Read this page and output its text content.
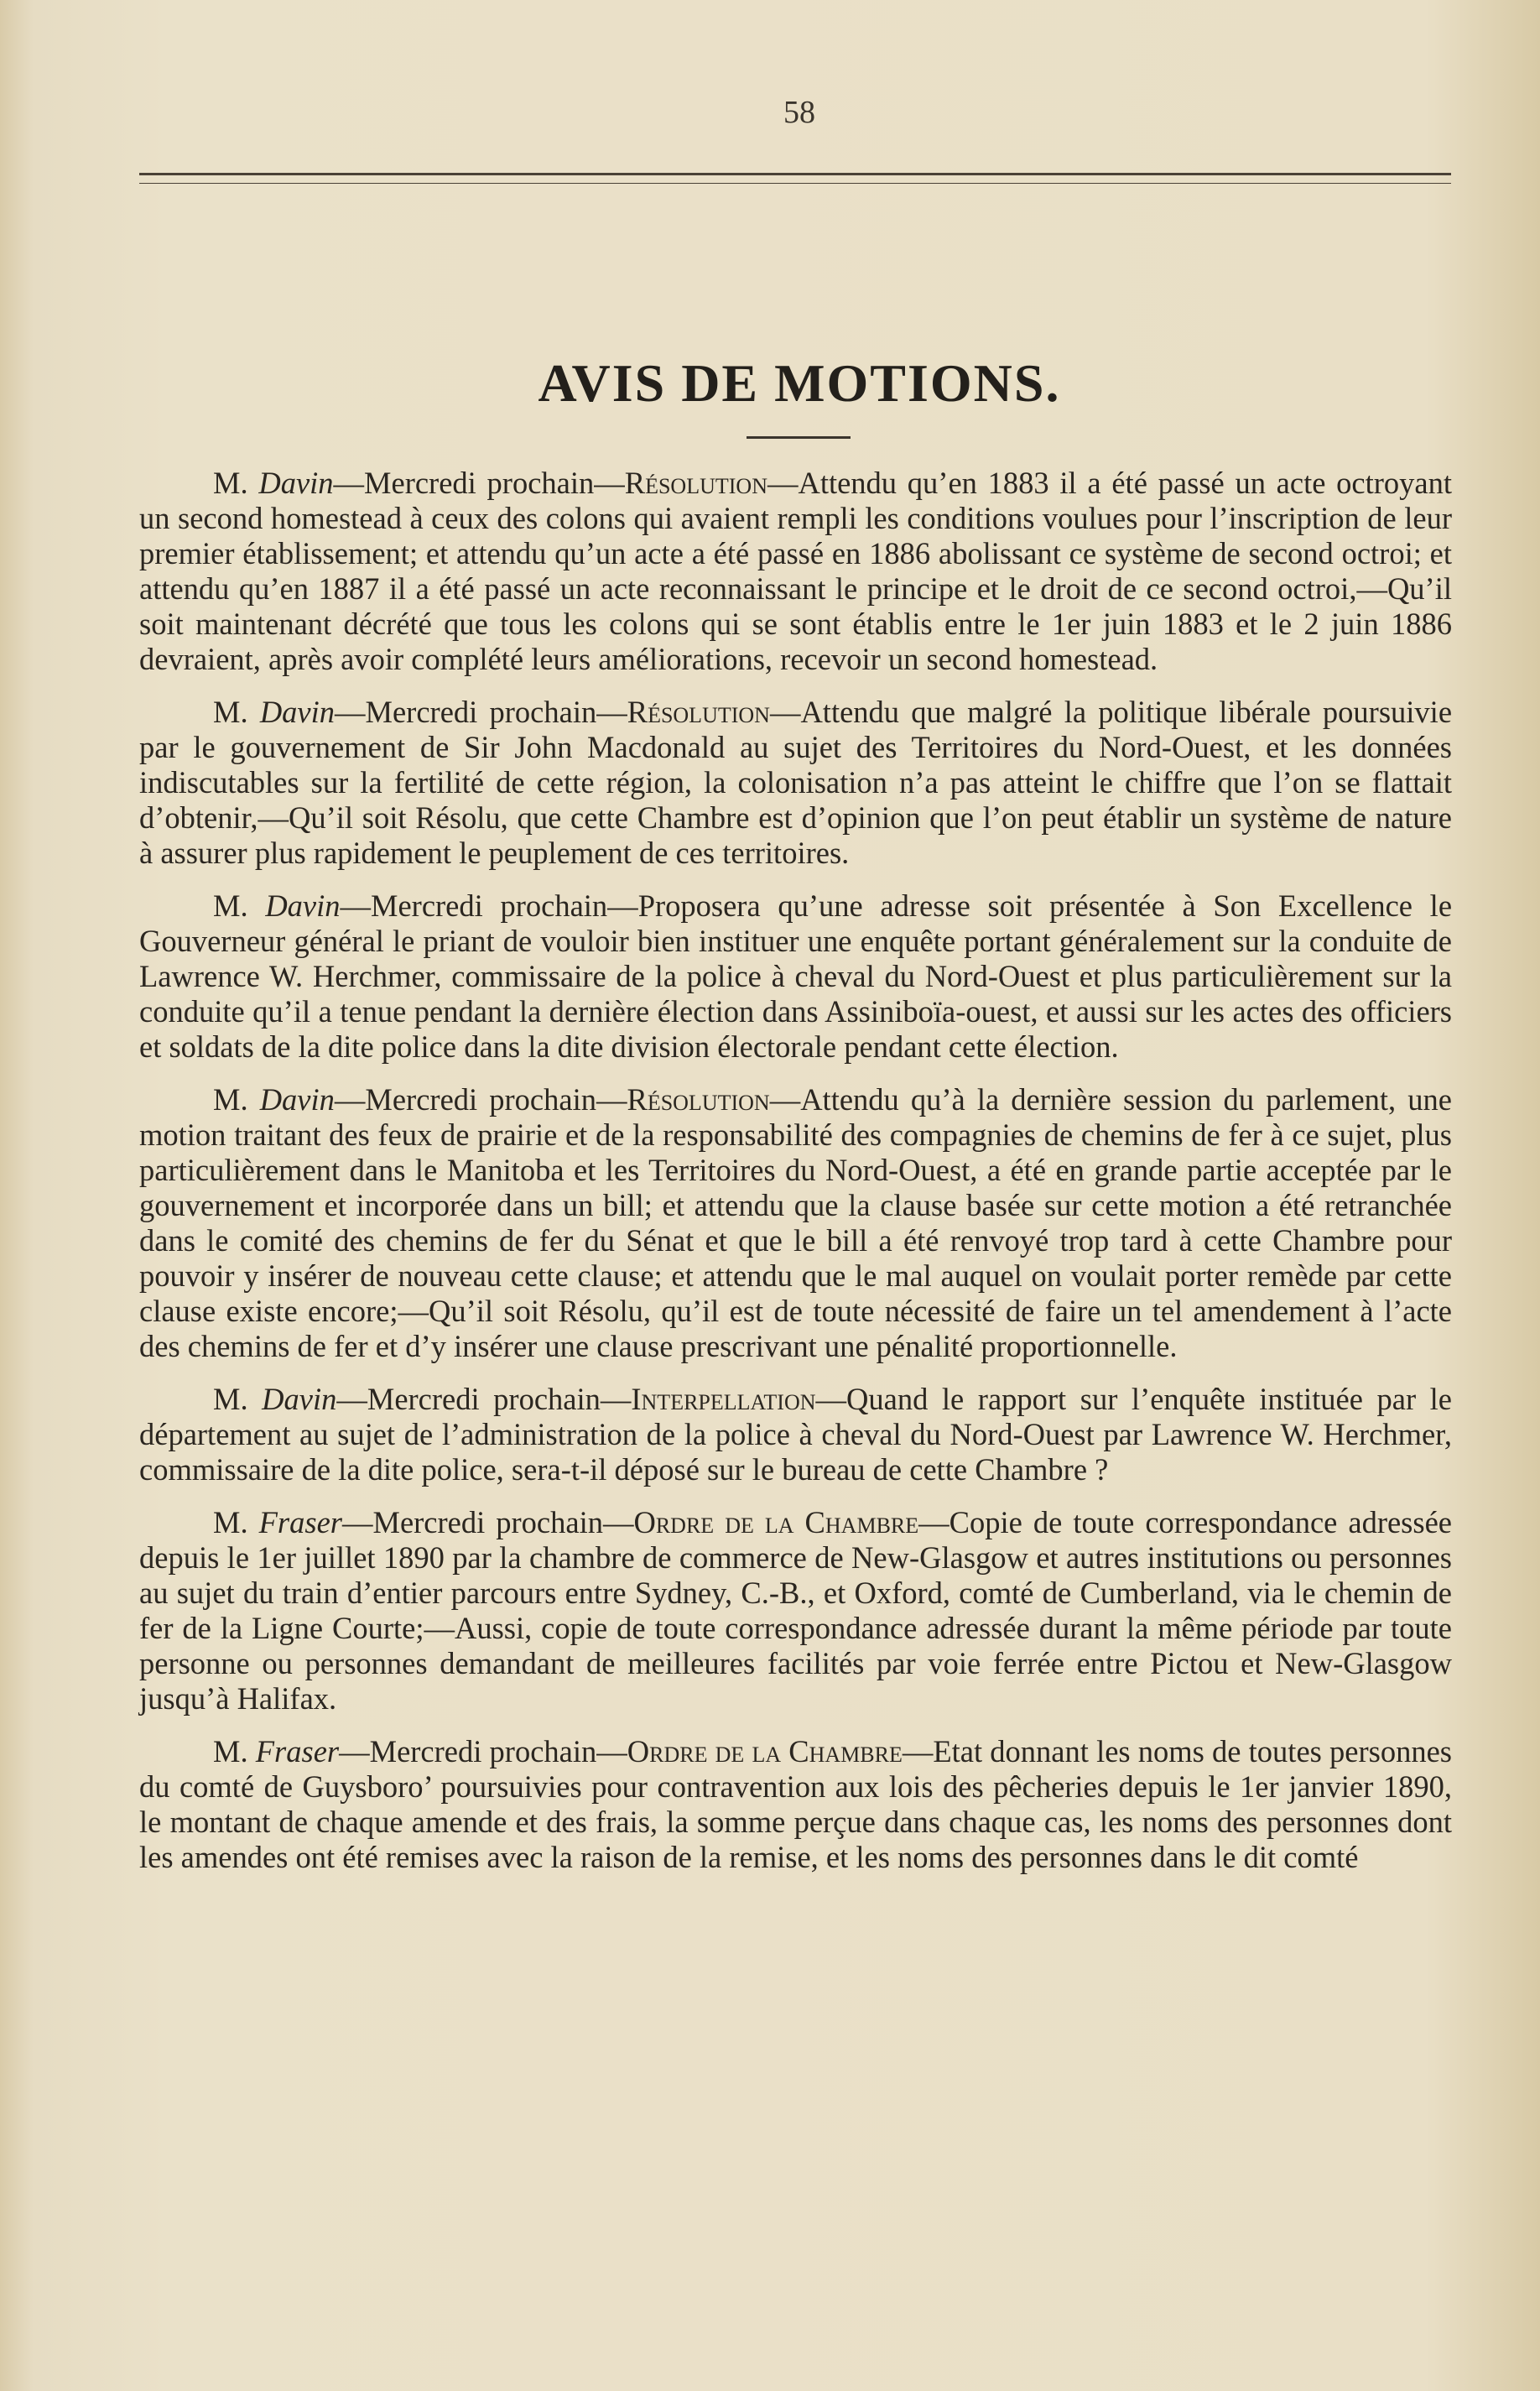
58
AVIS DE MOTIONS.

M. Davin—Mercredi prochain—Résolution—Attendu qu’en 1883 il a été passé un acte octroyant un second homestead à ceux des colons qui avaient rempli les conditions voulues pour l’inscription de leur premier établissement; et attendu qu’un acte a été passé en 1886 abolissant ce système de second octroi; et attendu qu’en 1887 il a été passé un acte reconnaissant le principe et le droit de ce second octroi,—Qu’il soit maintenant décrété que tous les colons qui se sont établis entre le 1er juin 1883 et le 2 juin 1886 devraient, après avoir complété leurs améliorations, recevoir un second homestead.

M. Davin—Mercredi prochain—Résolution—Attendu que malgré la politique libérale poursuivie par le gouvernement de Sir John Macdonald au sujet des Territoires du Nord-Ouest, et les données indiscutables sur la fertilité de cette région, la colonisation n’a pas atteint le chiffre que l’on se flattait d’obtenir,—Qu’il soit Résolu, que cette Chambre est d’opinion que l’on peut établir un système de nature à assurer plus rapidement le peuplement de ces territoires.

M. Davin—Mercredi prochain—Proposera qu’une adresse soit présentée à Son Excellence le Gouverneur général le priant de vouloir bien instituer une enquête portant généralement sur la conduite de Lawrence W. Herchmer, commissaire de la police à cheval du Nord-Ouest et plus particulièrement sur la conduite qu’il a tenue pendant la dernière élection dans Assiniboïa-ouest, et aussi sur les actes des officiers et soldats de la dite police dans la dite division électorale pendant cette élection.

M. Davin—Mercredi prochain—Résolution—Attendu qu’à la dernière session du parlement, une motion traitant des feux de prairie et de la responsabilité des compagnies de chemins de fer à ce sujet, plus particulièrement dans le Manitoba et les Territoires du Nord-Ouest, a été en grande partie acceptée par le gouvernement et incorporée dans un bill; et attendu que la clause basée sur cette motion a été retranchée dans le comité des chemins de fer du Sénat et que le bill a été renvoyé trop tard à cette Chambre pour pouvoir y insérer de nouveau cette clause; et attendu que le mal auquel on voulait porter remède par cette clause existe encore;—Qu’il soit Résolu, qu’il est de toute nécessité de faire un tel amendement à l’acte des chemins de fer et d’y insérer une clause prescrivant une pénalité proportionnelle.

M. Davin—Mercredi prochain—Interpellation—Quand le rapport sur l’enquête instituée par le département au sujet de l’administration de la police à cheval du Nord-Ouest par Lawrence W. Herchmer, commissaire de la dite police, sera-t-il déposé sur le bureau de cette Chambre ?

M. Fraser—Mercredi prochain—Ordre de la Chambre—Copie de toute correspondance adressée depuis le 1er juillet 1890 par la chambre de commerce de New-Glasgow et autres institutions ou personnes au sujet du train d’entier parcours entre Sydney, C.-B., et Oxford, comté de Cumberland, via le chemin de fer de la Ligne Courte;—Aussi, copie de toute correspondance adressée durant la même période par toute personne ou personnes demandant de meilleures facilités par voie ferrée entre Pictou et New-Glasgow jusqu’à Halifax.

M. Fraser—Mercredi prochain—Ordre de la Chambre—Etat donnant les noms de toutes personnes du comté de Guysboro’ poursuivies pour contravention aux lois des pêcheries depuis le 1er janvier 1890, le montant de chaque amende et des frais, la somme perçue dans chaque cas, les noms des personnes dont les amendes ont été remises avec la raison de la remise, et les noms des personnes dans le dit comté
